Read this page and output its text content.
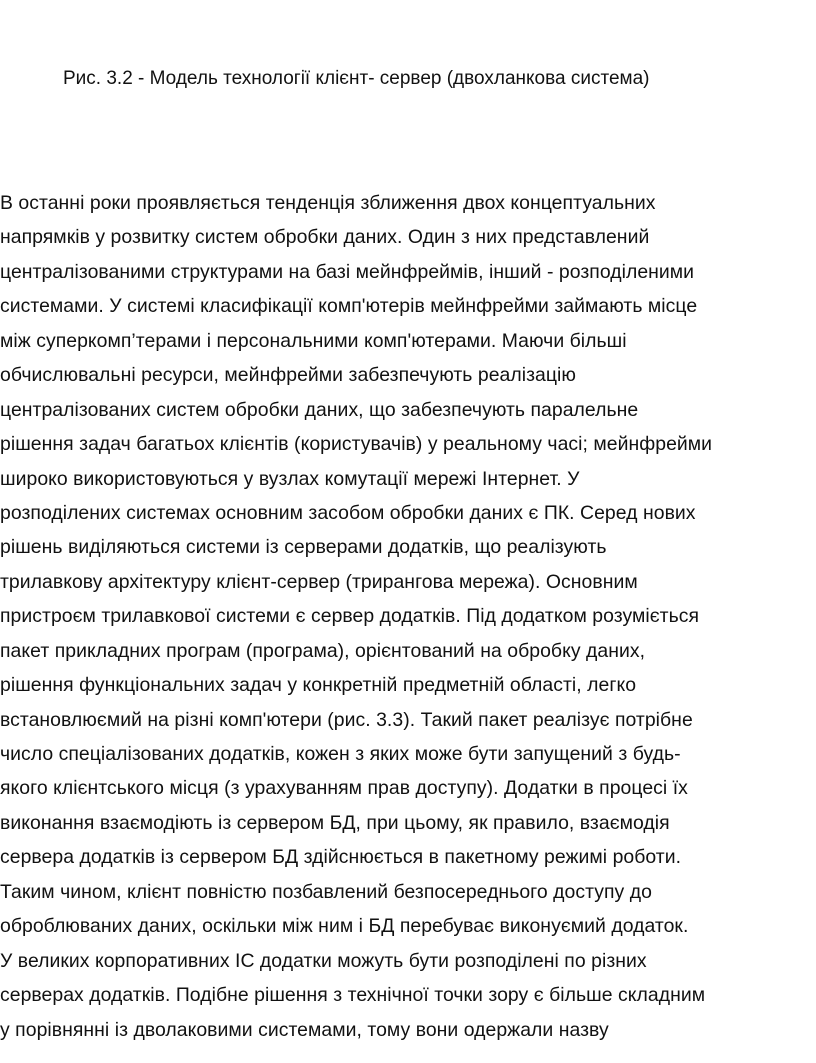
Рис. 3.2 - Модель технології клієнт- сервер (двохланкова система)
В останні роки проявляється тенденція зближення двох концептуальних
напрямків у розвитку систем обробки даних. Один з них представлений
централізованими структурами на базі мейнфреймів, інший - розподіленими
системами. У системі класифікації комп'ютерів мейнфрейми займають місце
між суперкомп’терами і персональними комп'ютерами. Маючи більші
обчислювальні ресурси, мейнфрейми забезпечують реалізацію
централізованих систем обробки даних, що забезпечують паралельне
рішення задач багатьох клієнтів (користувачів) у реальному часі; мейнфрейми
широко використовуються у вузлах комутації мережі Інтернет. У
розподілених системах основним засобом обробки даних є ПК. Серед нових
рішень виділяються системи із серверами додатків, що реалізують
трилавкову архітектуру клієнт-сервер (трирангова мережа). Основним
пристроєм трилавкової системи є сервер додатків. Під додатком розуміється
пакет прикладних програм (програма), орієнтований на обробку даних,
рішення функціональних задач у конкретній предметній області, легко
встановлюємий на різні комп'ютери (рис. 3.3). Такий пакет реалізує потрібне
число спеціалізованих додатків, кожен з яких може бути запущений з будь-
якого клієнтського місця (з урахуванням прав доступу). Додатки в процесі їх
виконання взаємодіють із сервером БД, при цьому, як правило, взаємодія
сервера додатків із сервером БД здійснюється в пакетному режимі роботи.
Таким чином, клієнт повністю позбавлений безпосереднього доступу до
оброблюваних даних, оскільки між ним і БД перебуває виконуємий додаток.
У великих корпоративних ІС додатки можуть бути розподілені по різних
серверах додатків. Подібне рішення з технічної точки зору є більше складним
у порівнянні із дволаковими системами, тому вони одержали назву
